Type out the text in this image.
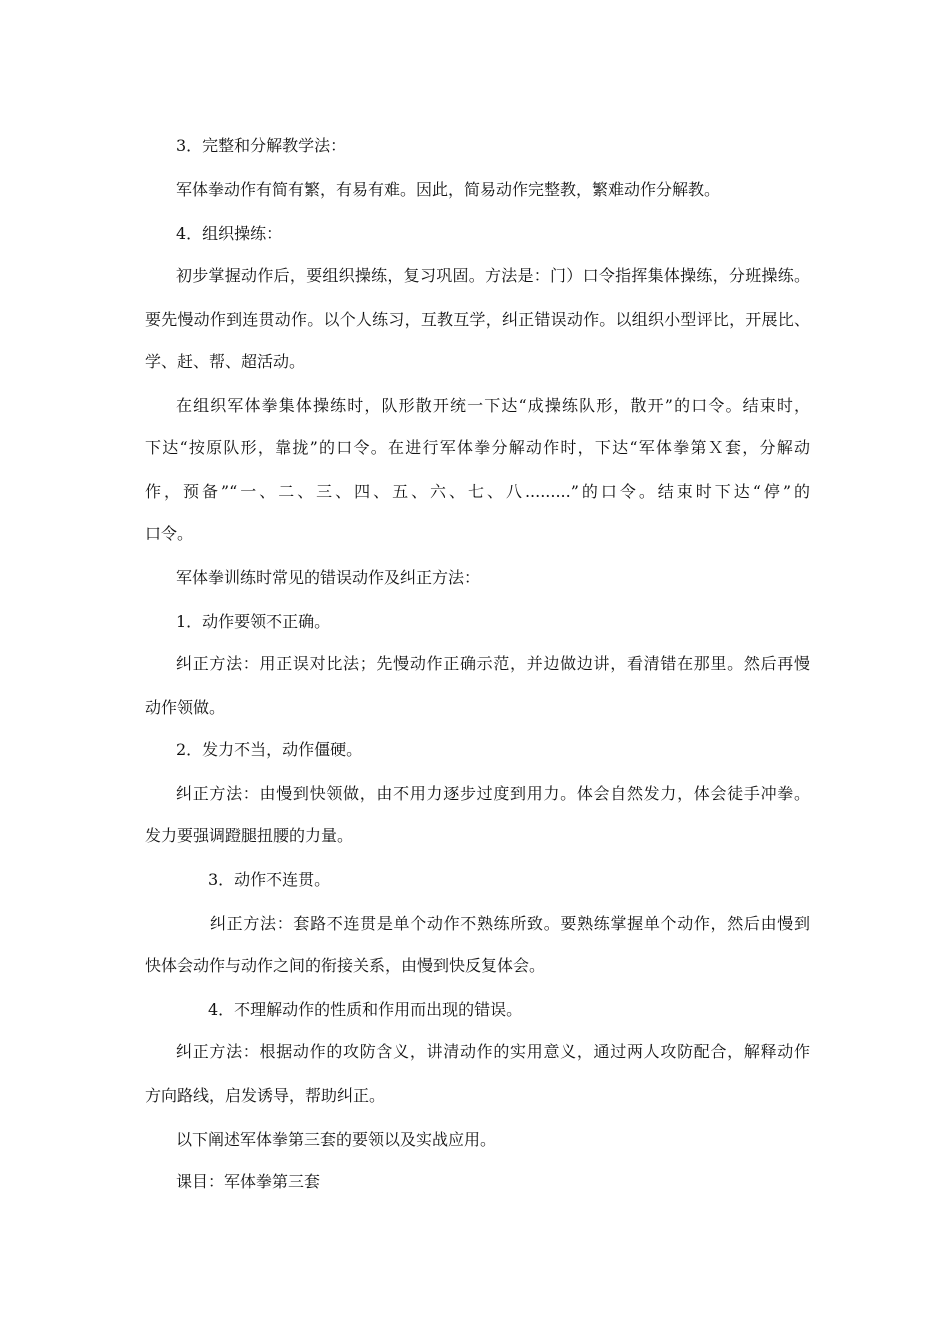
3．完整和分解教学法：
军体拳动作有简有繁，有易有难。因此，简易动作完整教，繁难动作分解教。
4．组织操练：
初步掌握动作后，要组织操练，复习巩固。方法是：门）口令指挥集体操练，分班操练。
要先慢动作到连贯动作。以个人练习，互教互学，纠正错误动作。以组织小型评比，开展比、
学、赶、帮、超活动。
在组织军体拳集体操练时，队形散开统一下达“成操练队形，散开”的口令。结束时，
下达“按原队形，靠拢”的口令。在进行军体拳分解动作时，下达“军体拳第Ｘ套，分解动
作，预备”“一、二、三、四、五、六、七、八.........”的口令。结束时下达“停”的
口令。
军体拳训练时常见的错误动作及纠正方法：
1．动作要领不正确。
纠正方法：用正误对比法；先慢动作正确示范，并边做边讲，看清错在那里。然后再慢
动作领做。
2．发力不当，动作僵硬。
纠正方法：由慢到快领做，由不用力逐步过度到用力。体会自然发力，体会徒手冲拳。
发力要强调蹬腿扭腰的力量。
3．动作不连贯。
纠正方法：套路不连贯是单个动作不熟练所致。要熟练掌握单个动作，然后由慢到
快体会动作与动作之间的衔接关系，由慢到快反复体会。
4．不理解动作的性质和作用而出现的错误。
纠正方法：根据动作的攻防含义，讲清动作的实用意义，通过两人攻防配合，解释动作
方向路线，启发诱导，帮助纠正。
以下阐述军体拳第三套的要领以及实战应用。
课目：军体拳第三套
